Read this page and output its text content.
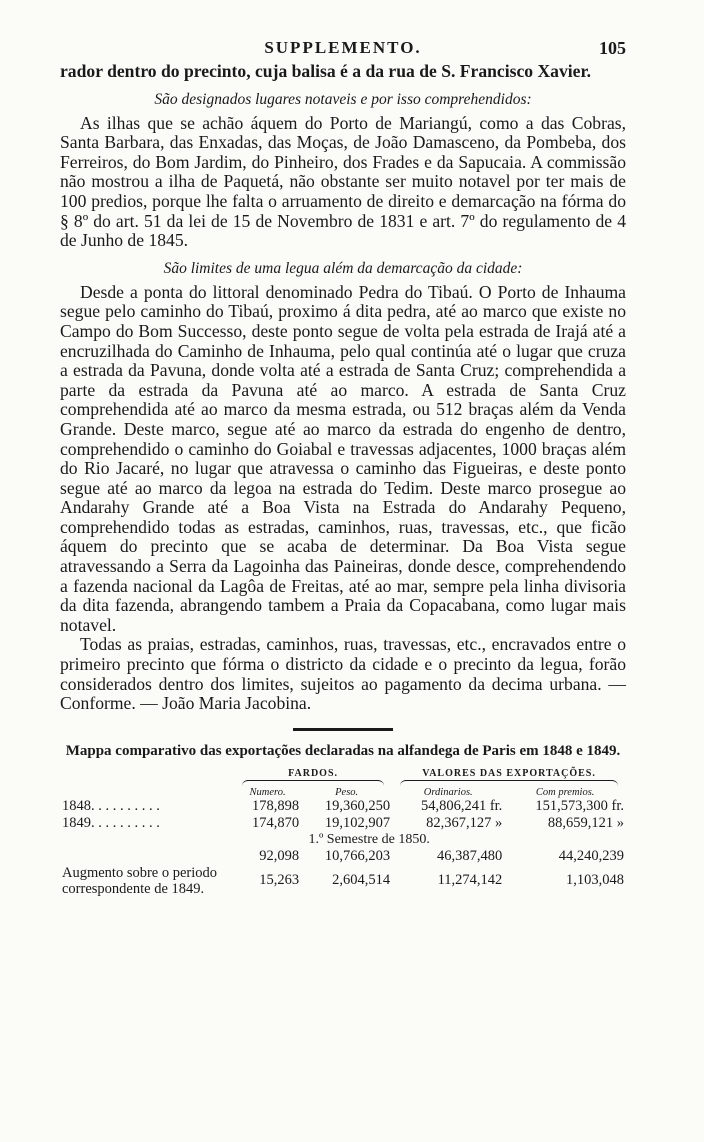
SUPPLEMENTO.	105

rador dentro do precinto, cuja balisa é a da rua de S. Francisco Xavier.

São designados lugares notaveis e por isso comprehendidos:

As ilhas que se achão áquem do Porto de Mariangú, como a das Cobras, Santa Barbara, das Enxadas, das Moças, de João Damasceno, da Pombeba, dos Ferreiros, do Bom Jardim, do Pinheiro, dos Frades e da Sapucaia. A commissão não mostrou a ilha de Paquetá, não obstante ser muito notavel por ter mais de 100 predios, porque lhe falta o arruamento de direito e demarcação na fórma do § 8º do art. 51 da lei de 15 de Novembro de 1831 e art. 7º do regulamento de 4 de Junho de 1845.

São limites de uma legua além da demarcação da cidade:

Desde a ponta do littoral denominado Pedra do Tibaú. O Porto de Inhauma segue pelo caminho do Tibaú, proximo á dita pedra, até ao marco que existe no Campo do Bom Successo, deste ponto segue de volta pela estrada de Irajá até a encruzilhada do Caminho de Inhauma, pelo qual continúa até o lugar que cruza a estrada da Pavuna, donde volta até a estrada de Santa Cruz; comprehendida a parte da estrada da Pavuna até ao marco. A estrada de Santa Cruz comprehendida até ao marco da mesma estrada, ou 512 braças além da Venda Grande. Deste marco, segue até ao marco da estrada do engenho de dentro, comprehendido o caminho do Goiabal e travessas adjacentes, 1000 braças além do Rio Jacaré, no lugar que atravessa o caminho das Figueiras, e deste ponto segue até ao marco da legoa na estrada do Tedim. Deste marco prosegue ao Andarahy Grande até a Boa Vista na Estrada do Andarahy Pequeno, comprehendido todas as estradas, caminhos, ruas, travessas, etc., que ficão áquem do precinto que se acaba de determinar. Da Boa Vista segue atravessando a Serra da Lagoinha das Paineiras, donde desce, comprehendendo a fazenda nacional da Lagôa de Freitas, até ao mar, sempre pela linha divisoria da dita fazenda, abrangendo tambem a Praia da Copacabana, como lugar mais notavel.

Todas as praias, estradas, caminhos, ruas, travessas, etc., encravados entre o primeiro precinto que fórma o districto da cidade e o precinto da legua, forão considerados dentro dos limites, sujeitos ao pagamento da decima urbana. — Conforme. — João Maria Jacobina.

Mappa comparativo das exportações declaradas na alfandega de Paris em 1848 e 1849.

	FARDOS.		VALORES DAS EXPORTAÇÕES.	

	Numero.	Peso.	Ordinarios.	Com premios.
1848. . . . . . . . . .	178,898	19,360,250	54,806,241 fr.	151,573,300 fr.
1849. . . . . . . . . .	174,870	19,102,907	82,367,127 »	88,659,121 »
	1.º Semestre de 1850.			
	92,098	10,766,203	46,387,480	44,240,239
Augmento sobre o periodo correspondente de 1849.	15,263	2,604,514	11,274,142	1,103,048
